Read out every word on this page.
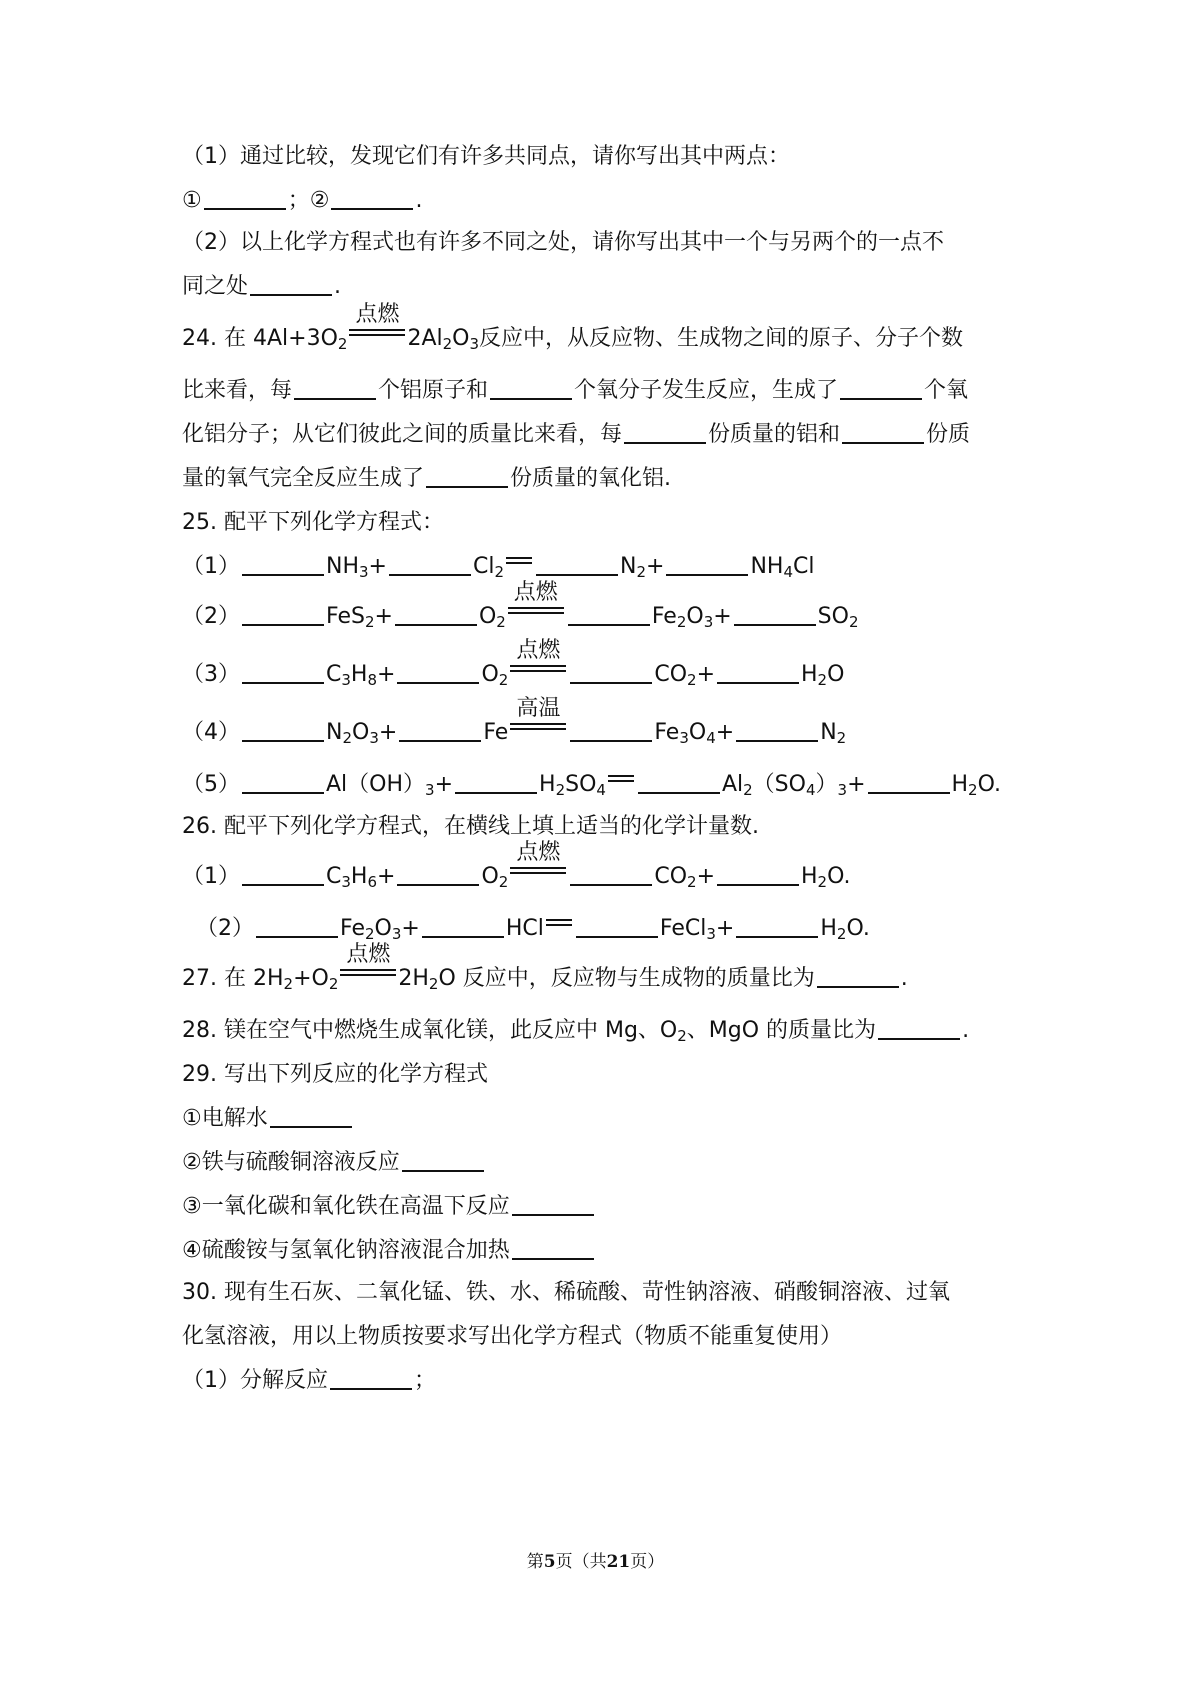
（1）通过比较，发现它们有许多共同点，请你写出其中两点：
①	；②	.
（2）以上化学方程式也有许多不同之处，请你写出其中一个与另两个的一点不
同之处	.
24. 在 $4Al+3O_2$
点燃
$2Al_2O_3$反应中，从反应物、生成物之间的原子、分子个数
比来看，每	个铝原子和	个氧分子发生反应，生成了	个氧
化铝分子；从它们彼此之间的质量比来看，每	份质量的铝和	份质
量的氧气完全反应生成了	份质量的氧化铝.
25. 配平下列化学方程式：
（1）	$NH_3+$	$Cl_2$	$N_2+$	$NH_4Cl$
（2）	FeS$_2$+	$O_2$
点燃
$Fe_2O_3+$	$SO_2$
（3）	$C_3H_8+$	$O_2$
点燃
$CO_2+$	$H_2O$
（4）	$N_2O_3+$	Fe
高温
$Fe_3O_4+$	$N_2$
（5）	$Al(OH)_3+$	$H_2SO_4$	$Al_2(SO_4)_3+$	$H_2O$.
26. 配平下列化学方程式，在横线上填上适当的化学计量数.
（1）	$C_3H_6+$	$O_2$
点燃
$CO_2+$	$H_2O$.
（2）	$Fe_2O_3+$	HCl	FeCl$_3$+	$H_2O$.
27. 在 $2H_2+O_2$
点燃
$2H_2O$ 反应中，反应物与生成物的质量比为	.
28. 镁在空气中燃烧生成氧化镁，此反应中 Mg、$O_2$、MgO 的质量比为	.
29. 写出下列反应的化学方程式
①电解水
②铁与硫酸铜溶液反应
③一氧化碳和氧化铁在高温下反应
④硫酸铵与氢氧化钠溶液混合加热
30. 现有生石灰、二氧化锰、铁、水、稀硫酸、苛性钠溶液、硝酸铜溶液、过氧
化氢溶液，用以上物质按要求写出化学方程式（物质不能重复使用）
（1）分解反应	；
第5页（共21页）
